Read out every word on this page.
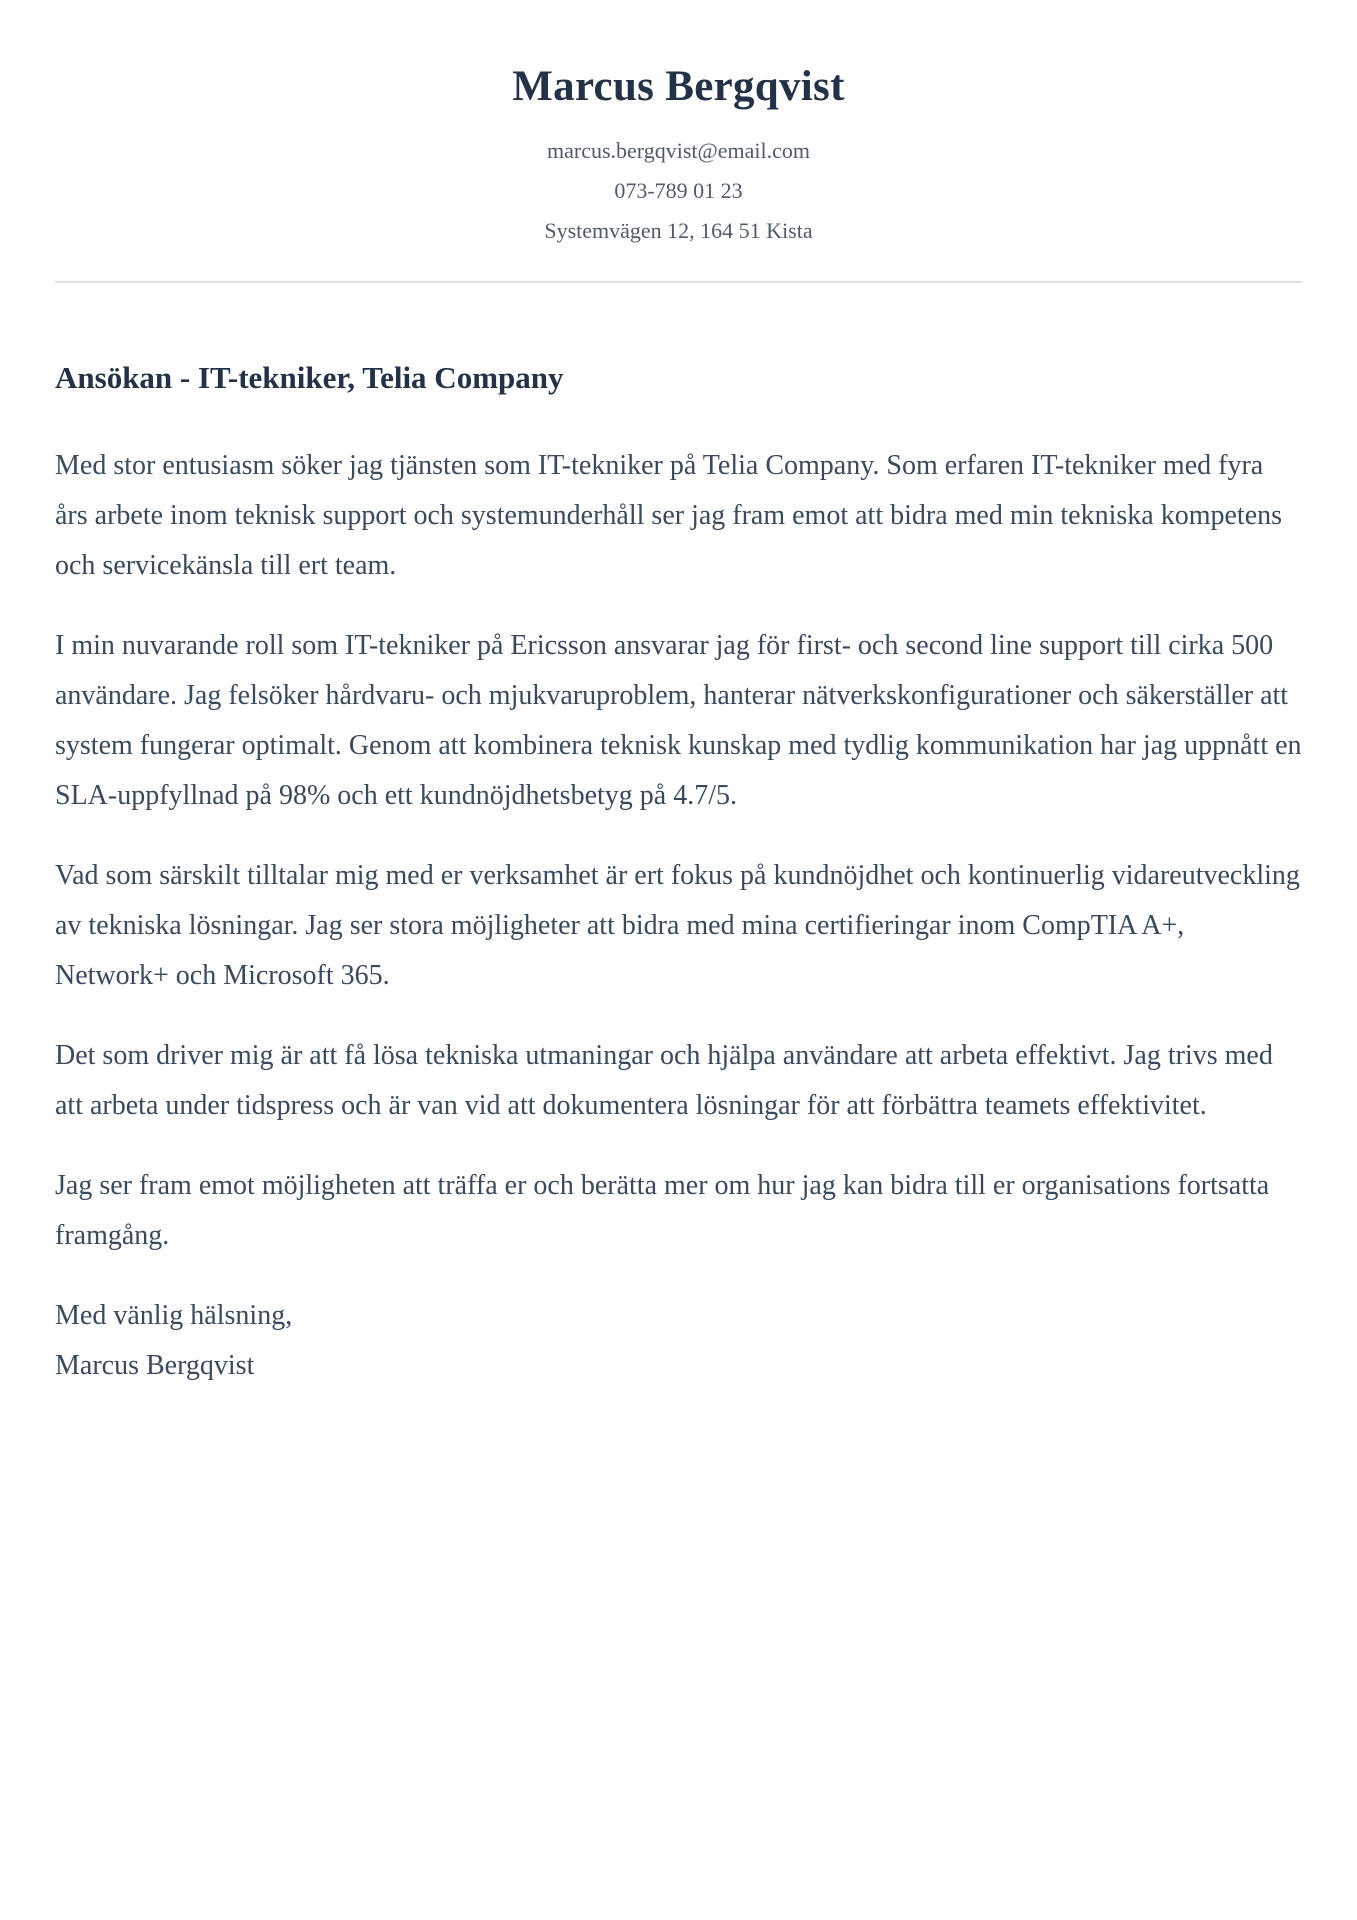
Marcus Bergqvist
marcus.bergqvist@email.com
073-789 01 23
Systemvägen 12, 164 51 Kista
Ansökan - IT-tekniker, Telia Company

Med stor entusiasm söker jag tjänsten som IT-tekniker på Telia Company. Som erfaren IT-tekniker med fyra års arbete inom teknisk support och systemunderhåll ser jag fram emot att bidra med min tekniska kompetens och servicekänsla till ert team.

I min nuvarande roll som IT-tekniker på Ericsson ansvarar jag för first- och second line support till cirka 500 användare. Jag felsöker hårdvaru- och mjukvaruproblem, hanterar nätverkskonfigurationer och säkerställer att system fungerar optimalt. Genom att kombinera teknisk kunskap med tydlig kommunikation har jag uppnått en SLA-uppfyllnad på 98% och ett kundnöjdhetsbetyg på 4.7/5.

Vad som särskilt tilltalar mig med er verksamhet är ert fokus på kundnöjdhet och kontinuerlig vidareutveckling av tekniska lösningar. Jag ser stora möjligheter att bidra med mina certifieringar inom CompTIA A+, Network+ och Microsoft 365.

Det som driver mig är att få lösa tekniska utmaningar och hjälpa användare att arbeta effektivt. Jag trivs med att arbeta under tidspress och är van vid att dokumentera lösningar för att förbättra teamets effektivitet.

Jag ser fram emot möjligheten att träffa er och berätta mer om hur jag kan bidra till er organisations fortsatta framgång.

Med vänlig hälsning,
Marcus Bergqvist
